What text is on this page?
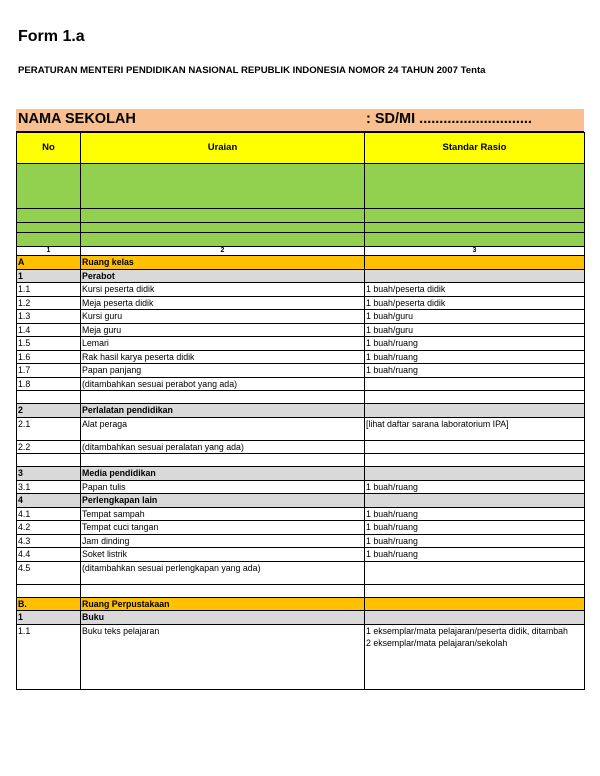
Form 1.a
PERATURAN MENTERI PENDIDIKAN NASIONAL REPUBLIK INDONESIA NOMOR 24 TAHUN 2007 Tenta
NAMA SEKOLAH	: SD/MI ............................
No	Uraian	Standar Rasio

1	2	3
A	Ruang kelas	
1	Perabot	
1.1	Kursi peserta didik	1 buah/peserta didik
1.2	Meja peserta didik	1 buah/peserta didik
1.3	Kursi guru	1 buah/guru
1.4	Meja guru	1 buah/guru
1.5	Lemari	1 buah/ruang
1.6	Rak hasil karya peserta didik	1 buah/ruang
1.7	Papan panjang	1 buah/ruang
1.8	(ditambahkan sesuai perabot yang ada)	

2	Perlalatan pendidikan	
2.1	Alat peraga	[lihat daftar sarana laboratorium IPA]
2.2	(ditambahkan sesuai peralatan yang ada)	

3	Media pendidikan	
3.1	Papan tulis	1 buah/ruang
4	Perlengkapan lain	
4.1	Tempat sampah	1 buah/ruang
4.2	Tempat cuci tangan	1 buah/ruang
4.3	Jam dinding	1 buah/ruang
4.4	Soket listrik	1 buah/ruang
4.5	(ditambahkan sesuai perlengkapan yang ada)	

B.	Ruang Perpustakaan	
1	Buku	
1.1	Buku teks pelajaran	1 eksemplar/mata pelajaran/peserta didik, ditambah
2 eksemplar/mata pelajaran/sekolah
